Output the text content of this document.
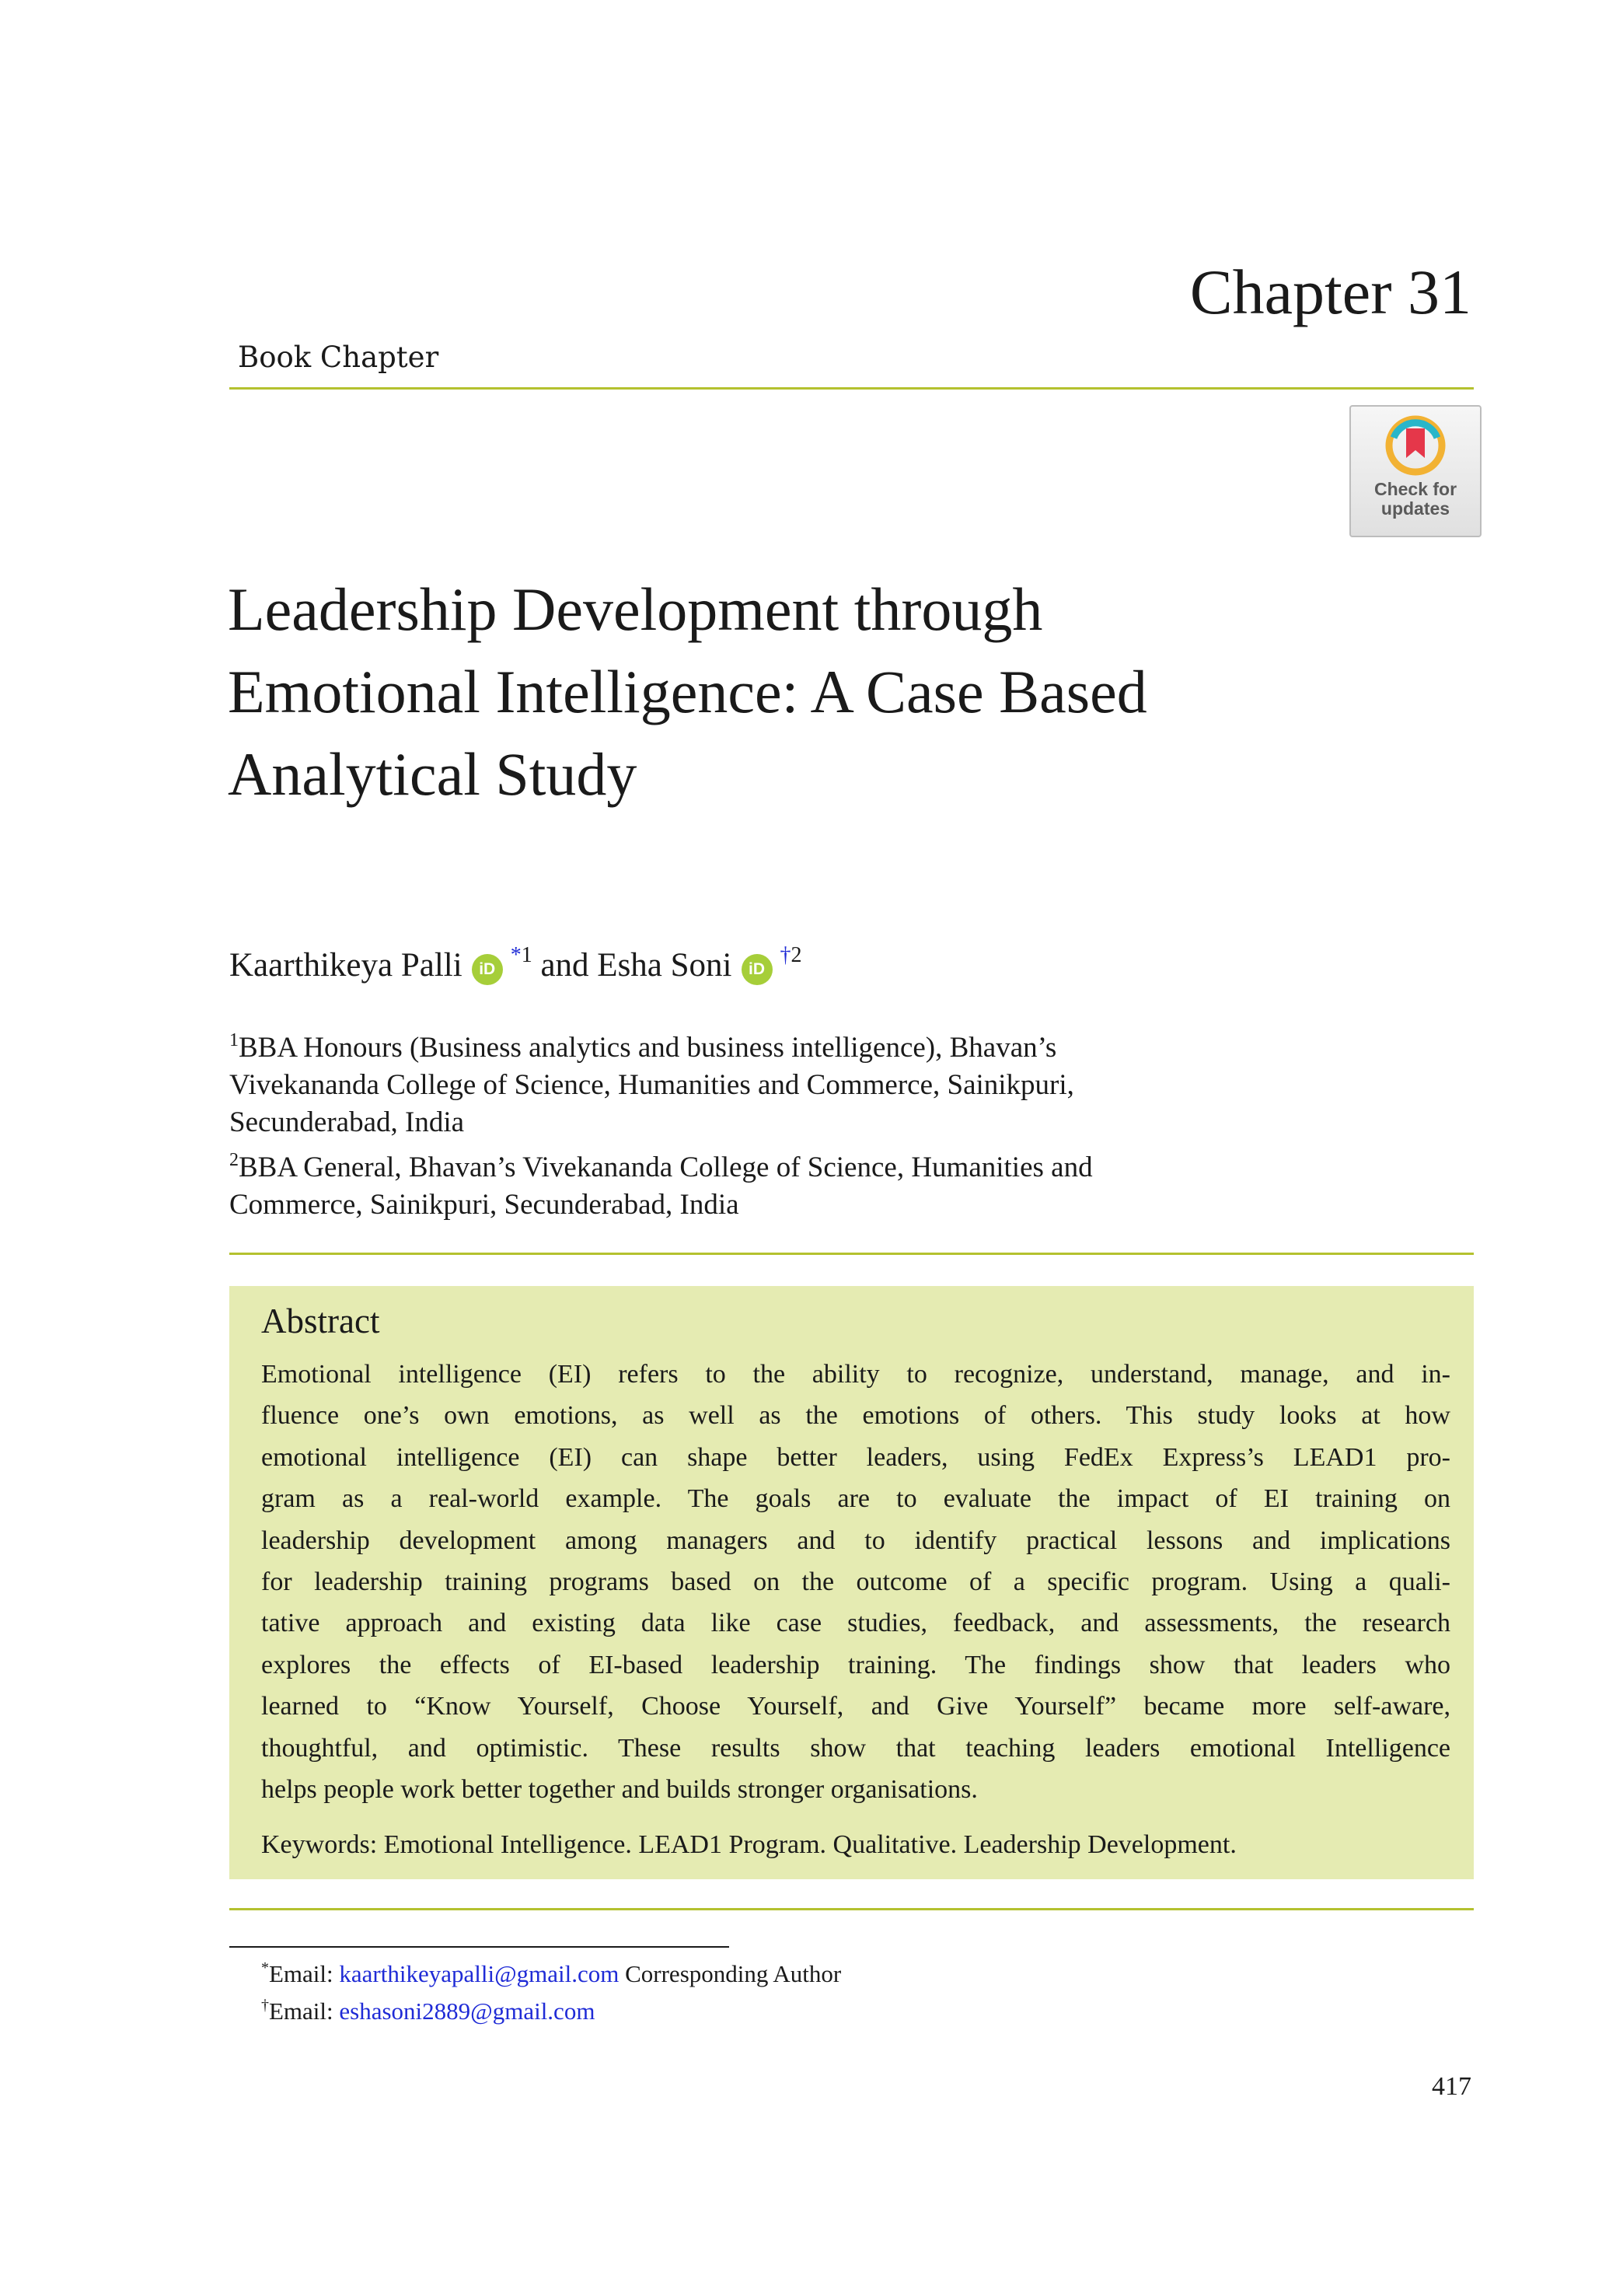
Chapter 31
Book Chapter
Check for
updates
Leadership Development through
Emotional Intelligence: A Case Based
Analytical Study
Kaarthikeya Palli $iD^{*1}$ and Esha Soni $iD^{\dagger 2}$
$^1$BBA Honours (Business analytics and business intelligence), Bhavan’s
Vivekananda College of Science, Humanities and Commerce, Sainikpuri,
Secunderabad, India
$^2$BBA General, Bhavan’s Vivekananda College of Science, Humanities and
Commerce, Sainikpuri, Secunderabad, India
Abstract
Emotional intelligence (EI) refers to the ability to recognize, understand, manage, and in-
fluence one’s own emotions, as well as the emotions of others. This study looks at how
emotional intelligence (EI) can shape better leaders, using FedEx Express’s LEAD1 pro-
gram as a real-world example. The goals are to evaluate the impact of EI training on
leadership development among managers and to identify practical lessons and implications
for leadership training programs based on the outcome of a specific program. Using a quali-
tative approach and existing data like case studies, feedback, and assessments, the research
explores the effects of EI-based leadership training. The findings show that leaders who
learned to “Know Yourself, Choose Yourself, and Give Yourself” became more self-aware,
thoughtful, and optimistic. These results show that teaching leaders emotional Intelligence
helps people work better together and builds stronger organisations.
Keywords: Emotional Intelligence. LEAD1 Program. Qualitative. Leadership Development.
*Email: kaarthikeyapalli@gmail.com Corresponding Author
†Email: eshasoni2889@gmail.com
417
